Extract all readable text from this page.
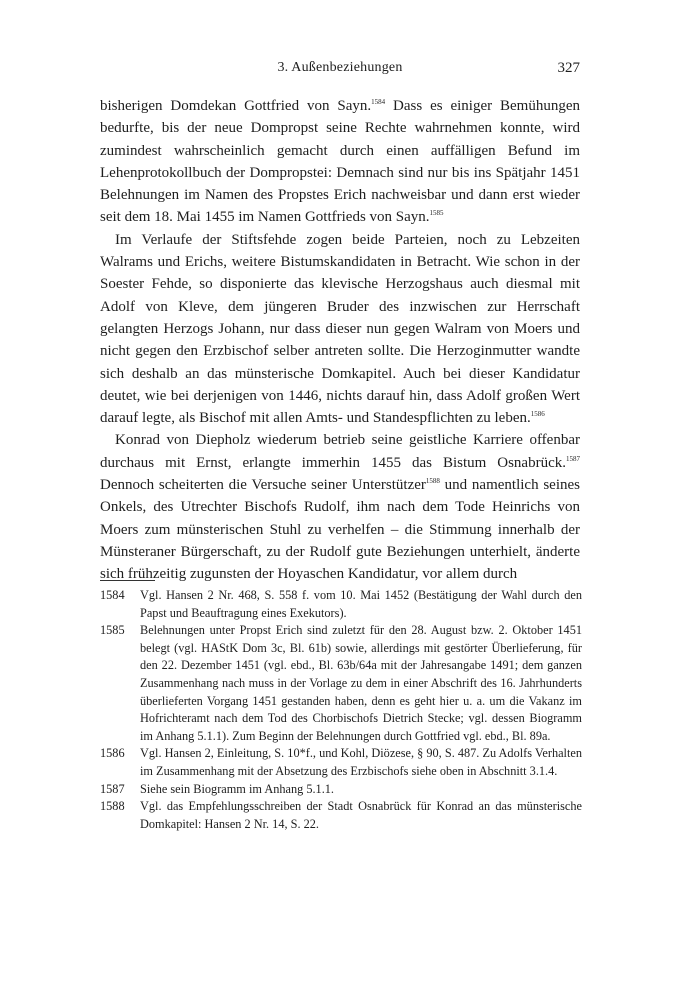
3. Außenbeziehungen	327

bisherigen Domdekan Gottfried von Sayn.$^{1584}$ Dass es einiger Bemühungen bedurfte, bis der neue Dompropst seine Rechte wahrnehmen konnte, wird zumindest wahrscheinlich gemacht durch einen auffälligen Befund im Lehenprotokollbuch der Dompropstei: Demnach sind nur bis ins Spätjahr 1451 Belehnungen im Namen des Propstes Erich nachweisbar und dann erst wieder seit dem 18. Mai 1455 im Namen Gottfrieds von Sayn.$^{1585}$

Im Verlaufe der Stiftsfehde zogen beide Parteien, noch zu Lebzeiten Walrams und Erichs, weitere Bistumskandidaten in Betracht. Wie schon in der Soester Fehde, so disponierte das klevische Herzogshaus auch diesmal mit Adolf von Kleve, dem jüngeren Bruder des inzwischen zur Herrschaft gelangten Herzogs Johann, nur dass dieser nun gegen Walram von Moers und nicht gegen den Erzbischof selber antreten sollte. Die Herzoginmutter wandte sich deshalb an das münsterische Domkapitel. Auch bei dieser Kandidatur deutet, wie bei derjenigen von 1446, nichts darauf hin, dass Adolf großen Wert darauf legte, als Bischof mit allen Amts- und Standespflichten zu leben.$^{1586}$

Konrad von Diepholz wiederum betrieb seine geistliche Karriere offenbar durchaus mit Ernst, erlangte immerhin 1455 das Bistum Osnabrück.$^{1587}$ Dennoch scheiterten die Versuche seiner Unterstützer$^{1588}$ und namentlich seines Onkels, des Utrechter Bischofs Rudolf, ihm nach dem Tode Heinrichs von Moers zum münsterischen Stuhl zu verhelfen – die Stimmung innerhalb der Münsteraner Bürgerschaft, zu der Rudolf gute Beziehungen unterhielt, änderte sich frühzeitig zugunsten der Hoyaschen Kandidatur, vor allem durch

1584	Vgl. Hansen 2 Nr. 468, S. 558 f. vom 10. Mai 1452 (Bestätigung der Wahl durch den Papst und Beauftragung eines Exekutors).
1585	Belehnungen unter Propst Erich sind zuletzt für den 28. August bzw. 2. Oktober 1451 belegt (vgl. HAStK Dom 3c, Bl. 61b) sowie, allerdings mit gestörter Überlieferung, für den 22. Dezember 1451 (vgl. ebd., Bl. 63b/64a mit der Jahresangabe 1491; dem ganzen Zusammenhang nach muss in der Vorlage zu dem in einer Abschrift des 16. Jahrhunderts überlieferten Vorgang 1451 gestanden haben, denn es geht hier u. a. um die Vakanz im Hofrichteramt nach dem Tod des Chorbischofs Dietrich Stecke; vgl. dessen Biogramm im Anhang 5.1.1). Zum Beginn der Belehnungen durch Gottfried vgl. ebd., Bl. 89a.
1586	Vgl. Hansen 2, Einleitung, S. 10*f., und Kohl, Diözese, § 90, S. 487. Zu Adolfs Verhalten im Zusammenhang mit der Absetzung des Erzbischofs siehe oben in Abschnitt 3.1.4.
1587	Siehe sein Biogramm im Anhang 5.1.1.
1588	Vgl. das Empfehlungsschreiben der Stadt Osnabrück für Konrad an das münsterische Domkapitel: Hansen 2 Nr. 14, S. 22.
